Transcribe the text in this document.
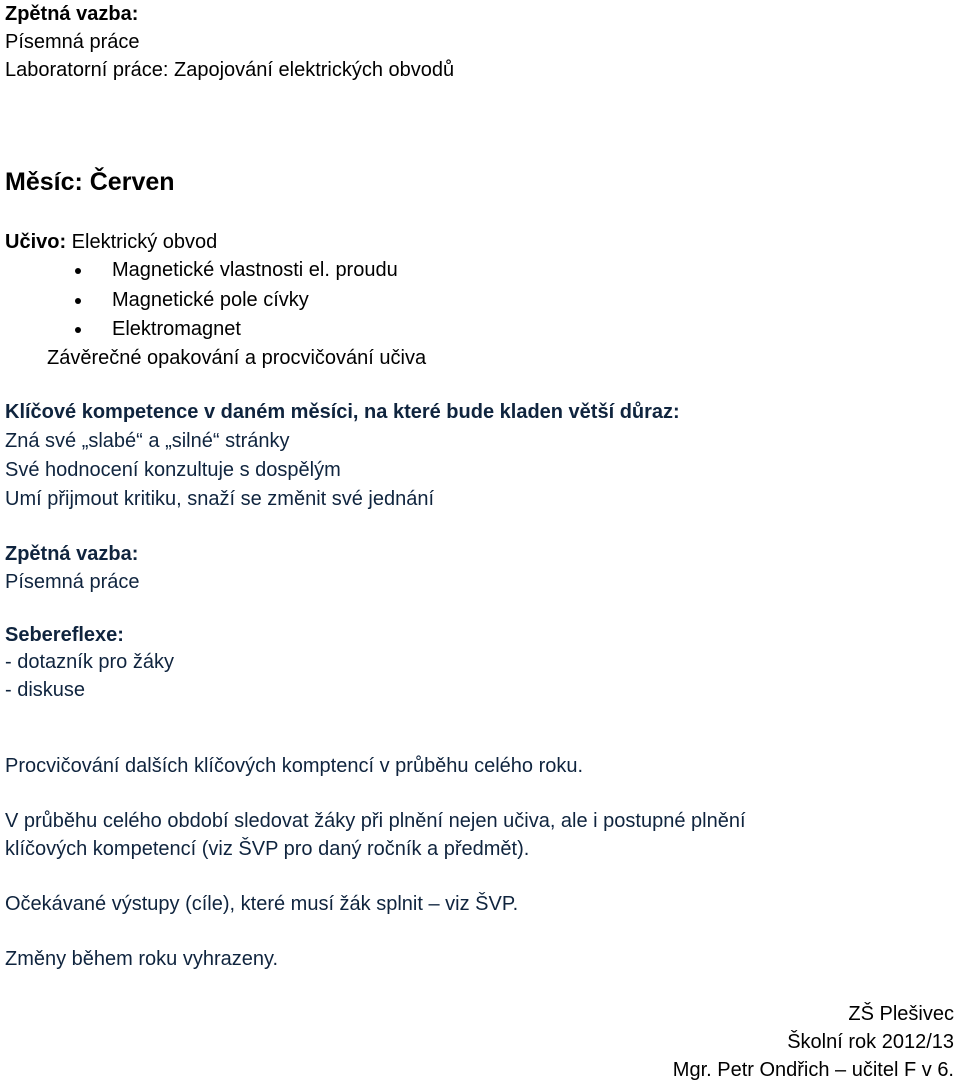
Zpětná vazba:
Písemná práce
Laboratorní práce: Zapojování elektrických obvodů
Měsíc: Červen
Učivo: Elektrický obvod
Magnetické vlastnosti el. proudu
Magnetické pole cívky
Elektromagnet
Závěrečné opakování a procvičování učiva
Klíčové kompetence v daném měsíci, na které bude kladen větší důraz:
Zná své „slabé“ a „silné“ stránky
Své hodnocení konzultuje s dospělým
Umí přijmout kritiku, snaží se změnit své jednání
Zpětná vazba:
Písemná práce
Sebereflexe:
- dotazník pro žáky
- diskuse
Procvičování dalších klíčových komptencí v průběhu celého roku.
V průběhu celého období sledovat žáky při plnění nejen učiva, ale i postupné plnění
klíčových kompetencí (viz ŠVP pro daný ročník a předmět).
Očekávané výstupy (cíle), které musí žák splnit – viz ŠVP.
Změny během roku vyhrazeny.
ZŠ Plešivec
Školní rok 2012/13
Mgr. Petr Ondřich – učitel F v 6.
